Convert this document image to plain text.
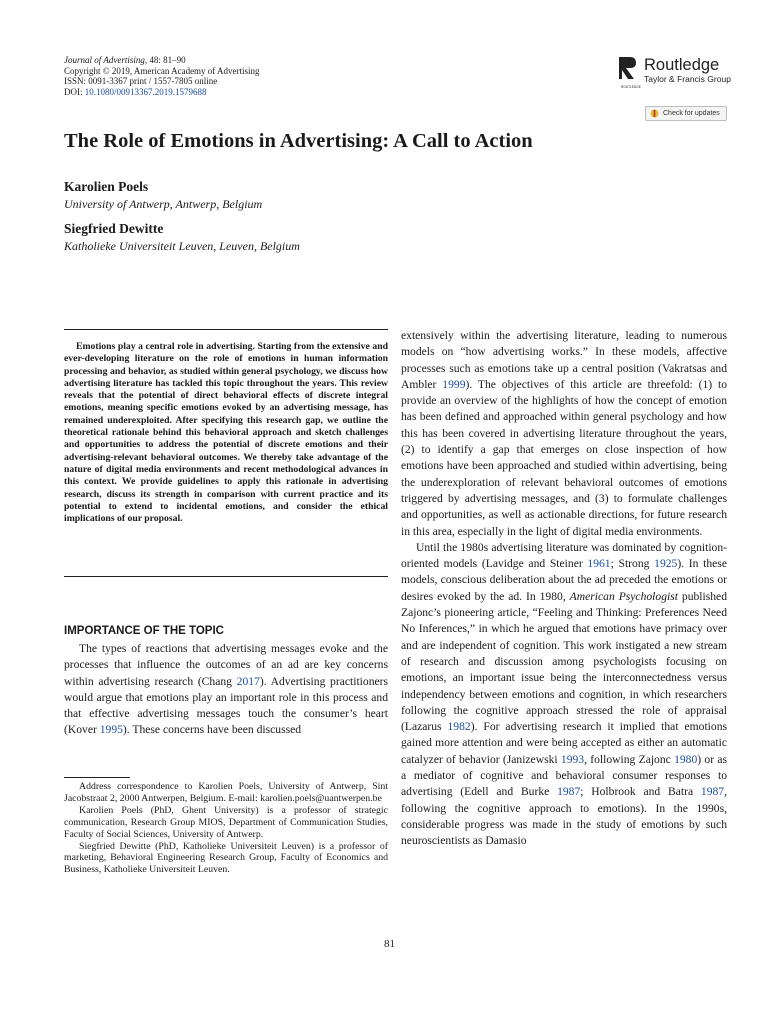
Journal of Advertising, 48: 81–90
Copyright © 2019, American Academy of Advertising
ISSN: 0091-3367 print / 1557-7805 online
DOI: 10.1080/00913367.2019.1579688	ROUTLEDGE
Routledge
Taylor & Francis Group
Check for updates
The Role of Emotions in Advertising: A Call to Action
Karolien Poels
University of Antwerp, Antwerp, Belgium
Siegfried Dewitte
Katholieke Universiteit Leuven, Leuven, Belgium

Emotions play a central role in advertising. Starting from the extensive and ever-developing literature on the role of emotions in human information processing and behavior, as studied within general psychology, we discuss how advertising literature has tackled this topic throughout the years. This review reveals that the potential of direct behavioral effects of discrete integral emotions, meaning specific emotions evoked by an advertising message, has remained underexploited. After specifying this research gap, we outline the theoretical rationale behind this behavioral approach and sketch challenges and opportunities to address the potential of discrete emotions and their advertising-relevant behavioral outcomes. We thereby take advantage of the nature of digital media environments and recent methodological advances in this context. We provide guidelines to apply this rationale in advertising research, discuss its strength in comparison with current practice and its potential to extend to incidental emotions, and consider the ethical implications of our proposal.

IMPORTANCE OF THE TOPIC

The types of reactions that advertising messages evoke and the processes that influence the outcomes of an ad are key concerns within advertising research (Chang 2017). Advertising practitioners would argue that emotions play an important role in this process and that effective advertising messages touch the consumer’s heart (Kover 1995). These concerns have been discussed

Address correspondence to Karolien Poels, University of Antwerp, Sint Jacobstraat 2, 2000 Antwerpen, Belgium. E-mail: karolien.poels@uantwerpen.be

Karolien Poels (PhD, Ghent University) is a professor of strategic communication, Research Group MIOS, Department of Communication Studies, Faculty of Social Sciences, University of Antwerp.

Siegfried Dewitte (PhD, Katholieke Universiteit Leuven) is a professor of marketing, Behavioral Engineering Research Group, Faculty of Economics and Business, Katholieke Universiteit Leuven.

extensively within the advertising literature, leading to numerous models on “how advertising works.” In these models, affective processes such as emotions take up a central position (Vakratsas and Ambler 1999). The objectives of this article are threefold: (1) to provide an overview of the highlights of how the concept of emotion has been defined and approached within general psychology and how this has been covered in advertising literature throughout the years, (2) to identify a gap that emerges on close inspection of how emotions have been approached and studied within advertising, being the underexploration of relevant behavioral outcomes of emotions triggered by advertising messages, and (3) to formulate challenges and opportunities, as well as actionable directions, for future research in this area, especially in the light of digital media environments.

Until the 1980s advertising literature was dominated by cognition-oriented models (Lavidge and Steiner 1961; Strong 1925). In these models, conscious deliberation about the ad preceded the emotions or desires evoked by the ad. In 1980, American Psychologist published Zajonc’s pioneering article, “Feeling and Thinking: Preferences Need No Inferences,” in which he argued that emotions have primacy over and are independent of cognition. This work instigated a new stream of research and discussion among psychologists focusing on emotions, an important issue being the interconnectedness versus independency between emotions and cognition, in which researchers following the cognitive approach stressed the role of appraisal (Lazarus 1982). For advertising research it implied that emotions gained more attention and were being accepted as either an automatic catalyzer of behavior (Janizewski 1993, following Zajonc 1980) or as a mediator of cognitive and behavioral consumer responses to advertising (Edell and Burke 1987; Holbrook and Batra 1987, following the cognitive approach to emotions). In the 1990s, considerable progress was made in the study of emotions by such neuroscientists as Damasio

81
